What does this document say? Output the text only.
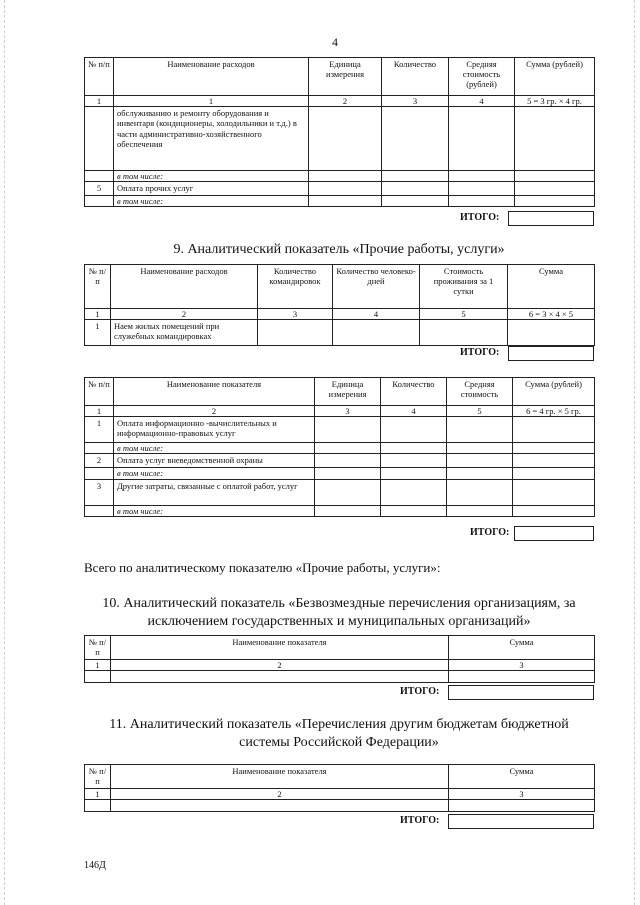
4
№ п/п	Наименование расходов	Единица измерения	Количество	Средняя стоимость (рублей)	Сумма (рублей)
1	1	2	3	4	5 = 3 гр. × 4 гр.
	обслуживанию и ремонту оборудования и инвентаря (кондиционеры, холодильники и т.д.) в части административно-хозяйственного обеспечения				
	в том числе:				
5	Оплата прочих услуг				
	в том числе:				
ИТОГО:
9. Аналитический показатель «Прочие работы, услуги»
№ п/п	Наименование расходов	Количество командировок	Количество человеко-дней	Стоимость проживания за 1 сутки	Сумма
1	2	3	4	5	6 = 3 × 4 × 5
1	Наем жилых помещений при служебных командировках				
ИТОГО:
№ п/п	Наименование показателя	Единица измерения	Количество	Средняя стоимость	Сумма (рублей)
1	2	3	4	5	6 = 4 гр. × 5 гр.
1	Оплата информационно -вычислительных и информационно-правовых услуг				
	в том числе:				
2	Оплата услуг вневедомственной охраны				
	в том числе:				
3	Другие затраты, связанные с оплатой работ, услуг				
	в том числе:				
ИТОГО:
Всего по аналитическому показателю «Прочие работы, услуги»:
10. Аналитический показатель «Безвозмездные перечисления организациям, за
исключением государственных и муниципальных организаций»
№ п/п	Наименование показателя	Сумма
1	2	3

ИТОГО:
11. Аналитический показатель «Перечисления другим бюджетам бюджетной
системы Российской Федерации»
№ п/п	Наименование показателя	Сумма
1	2	3

ИТОГО:
146Д
